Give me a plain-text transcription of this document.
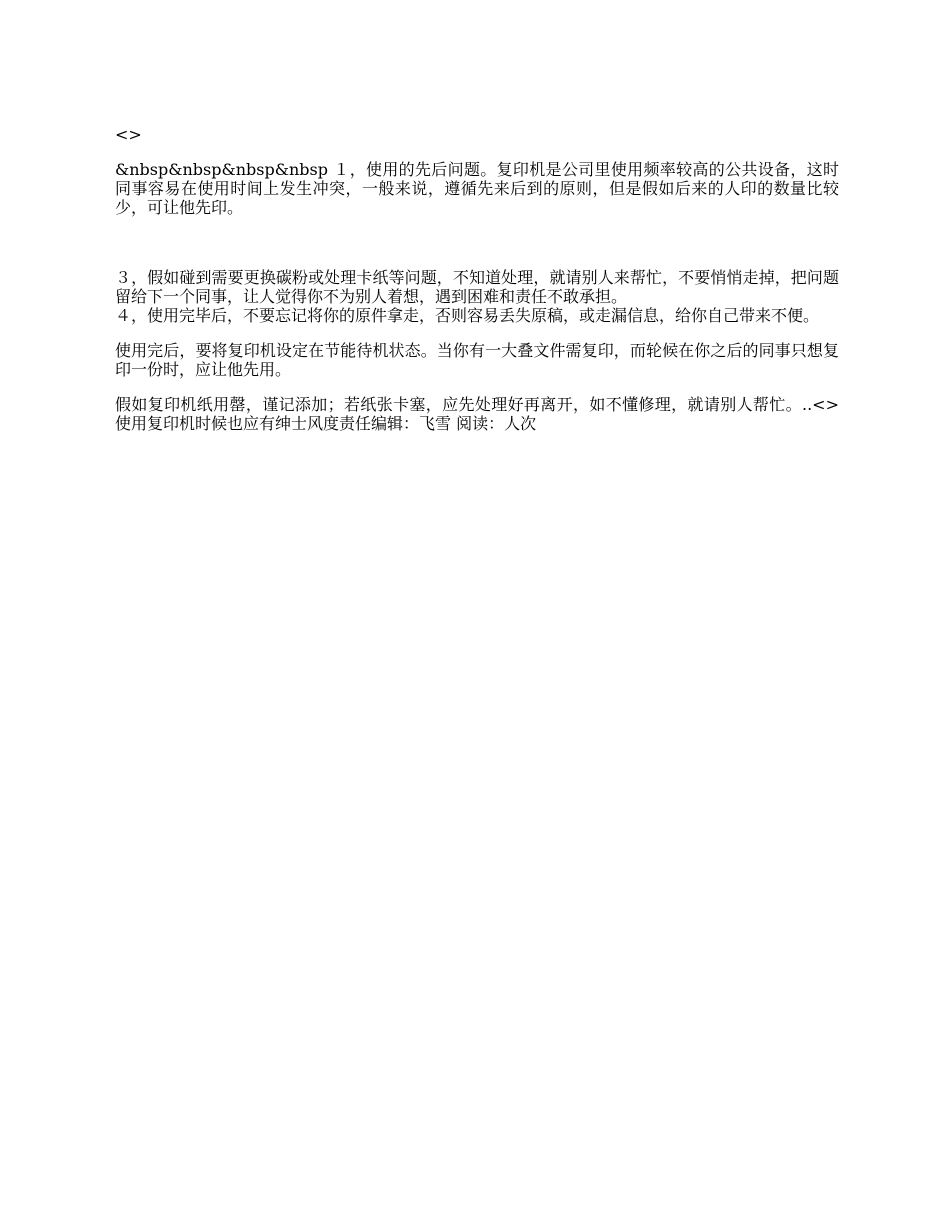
<>

&nbsp&nbsp&nbsp&nbsp １，使用的先后问题。复印机是公司里使用频率较高的公共设备，这时同事容易在使用时间上发生冲突，一般来说，遵循先来后到的原则，但是假如后来的人印的数量比较少，可让他先印。

３，假如碰到需要更换碳粉或处理卡纸等问题，不知道处理，就请别人来帮忙，不要悄悄走掉，把问题留给下一个同事，让人觉得你不为别人着想，遇到困难和责任不敢承担。

４，使用完毕后，不要忘记将你的原件拿走，否则容易丢失原稿，或走漏信息，给你自己带来不便。

使用完后，要将复印机设定在节能待机状态。当你有一大叠文件需复印，而轮候在你之后的同事只想复印一份时，应让他先用。

假如复印机纸用罄，谨记添加；若纸张卡塞，应先处理好再离开，如不懂修理，就请别人帮忙。..<>使用复印机时候也应有绅士风度责任编辑：飞雪 阅读：人次
